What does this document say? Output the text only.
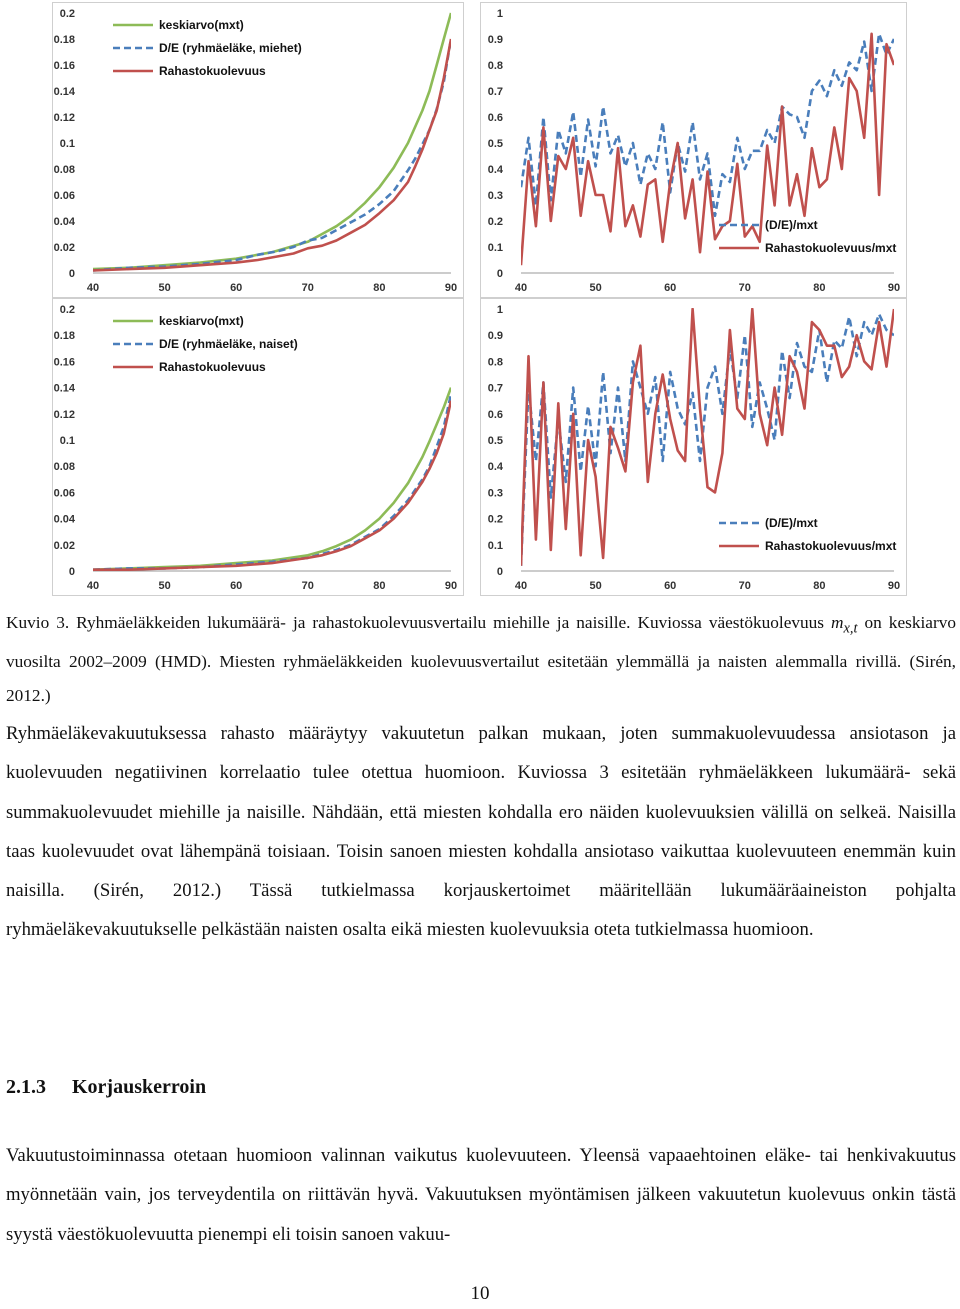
0
0.02
0.04
0.06
0.08
0.1
0.12
0.14
0.16
0.18
0.2
40	50	60	70	80	90
keskiarvo(mxt)
D/E (ryhmäeläke, miehet)
Rahastokuolevuus
0
0.1
0.2
0.3
0.4
0.5
0.6
0.7
0.8
0.9
1
40	50	60	70	80	90
(D/E)/mxt
Rahastokuolevuus/mxt
0
0.02
0.04
0.06
0.08
0.1
0.12
0.14
0.16
0.18
0.2
40	50	60	70	80	90
keskiarvo(mxt)
D/E (ryhmäeläke, naiset)
Rahastokuolevuus
0
0.1
0.2
0.3
0.4
0.5
0.6
0.7
0.8
0.9
1
40	50	60	70	80	90
(D/E)/mxt
Rahastokuolevuus/mxt
Kuvio 3. Ryhmäeläkkeiden lukumäärä- ja rahastokuolevuusvertailu miehille ja naisille. Kuviossa väestökuolevuus $m_{x,t}$ on keskiarvo vuosilta 2002–2009 (HMD). Miesten ryhmäeläkkeiden kuolevuusvertailut esitetään ylemmällä ja naisten alemmalla rivillä. (Sirén, 2012.)
Ryhmäeläkevakuutuksessa rahasto määräytyy vakuutetun palkan mukaan, joten summakuolevuudessa ansiotason ja kuolevuuden negatiivinen korrelaatio tulee otettua huomioon. Kuviossa 3 esitetään ryhmäeläkkeen lukumäärä- sekä summakuolevuudet miehille ja naisille. Nähdään, että miesten kohdalla ero näiden kuolevuuksien välillä on selkeä. Naisilla taas kuolevuudet ovat lähempänä toisiaan. Toisin sanoen miesten kohdalla ansiotaso vaikuttaa kuolevuuteen enemmän kuin naisilla. (Sirén, 2012.) Tässä tutkielmassa korjauskertoimet määritellään lukumääräaineiston pohjalta ryhmäeläkevakuutukselle pelkästään naisten osalta eikä miesten kuolevuuksia oteta tutkielmassa huomioon.
2.1.3 Korjauskerroin
Vakuutustoiminnassa otetaan huomioon valinnan vaikutus kuolevuuteen. Yleensä vapaaehtoinen eläke- tai henkivakuutus myönnetään vain, jos terveydentila on riittävän hyvä. Vakuutuksen myöntämisen jälkeen vakuutetun kuolevuus onkin tästä syystä väestökuolevuutta pienempi eli toisin sanoen vakuu-
10
